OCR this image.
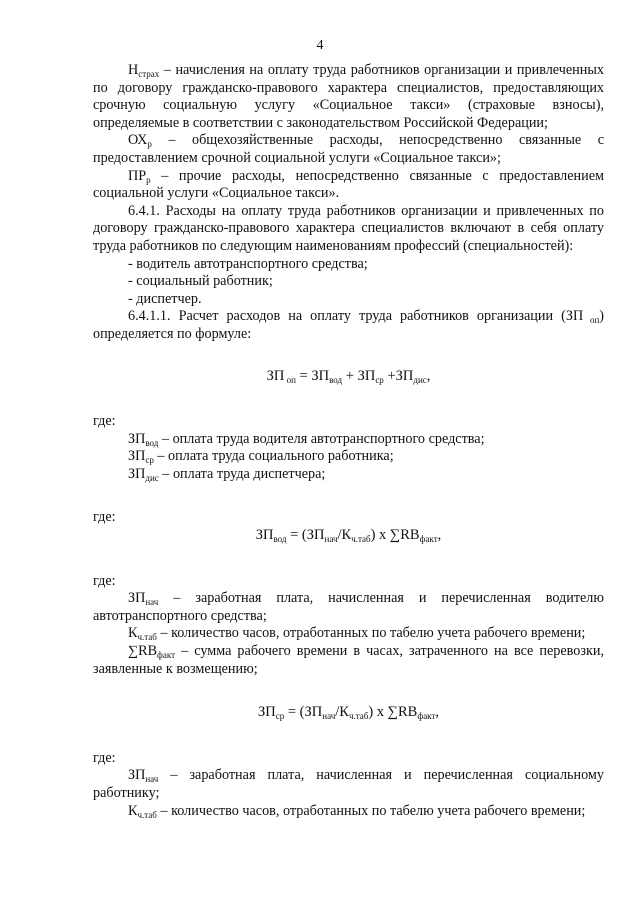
4

$Н_{страх}$ – начисления на оплату труда работников организации и привлеченных по договору гражданско-правового характера специалистов, предоставляющих срочную социальную услугу «Социальное такси» (страховые взносы), определяемые в соответствии с законодательством Российской Федерации;

$ОХ_р$ – общехозяйственные расходы, непосредственно связанные с предоставлением срочной социальной услуги «Социальное такси»;

$ПР_р$ – прочие расходы, непосредственно связанные с предоставлением социальной услуги «Социальное такси».

6.4.1. Расходы на оплату труда работников организации и привлеченных по договору гражданско-правового характера специалистов включают в себя оплату труда работников по следующим наименованиям профессий (специальностей):

- водитель автотранспортного средства;

- социальный работник;

- диспетчер.

6.4.1.1. Расчет расходов на оплату труда работников организации (ЗП $_{оп}$) определяется по формуле:

ЗП $_{оп} = ЗП_{вод} + ЗП_{ср} +ЗП_{дис}$,

где:

$ЗП_{вод}$ – оплата труда водителя автотранспортного средства;

$ЗП_{ср}$ – оплата труда социального работника;

$ЗП_{дис}$ – оплата труда диспетчера;

где:

$ЗП_{вод} = (ЗП_{нач}/К_{ч.таб})$ х $\sum RB_{факт}$,

где:

$ЗП_{нач}$ – заработная плата, начисленная и перечисленная водителю автотранспортного средства;

$К_{ч.таб}$ – количество часов, отработанных по табелю учета рабочего времени;

$\sum RB_{факт}$ – сумма рабочего времени в часах, затраченного на все перевозки, заявленные к возмещению;

$ЗП_{ср} = (ЗП_{нач}/К_{ч.таб})$ х $\sum RB_{факт}$,

где:

$ЗП_{нач}$ – заработная плата, начисленная и перечисленная социальному работнику;

$К_{ч.таб}$ – количество часов, отработанных по табелю учета рабочего времени;
